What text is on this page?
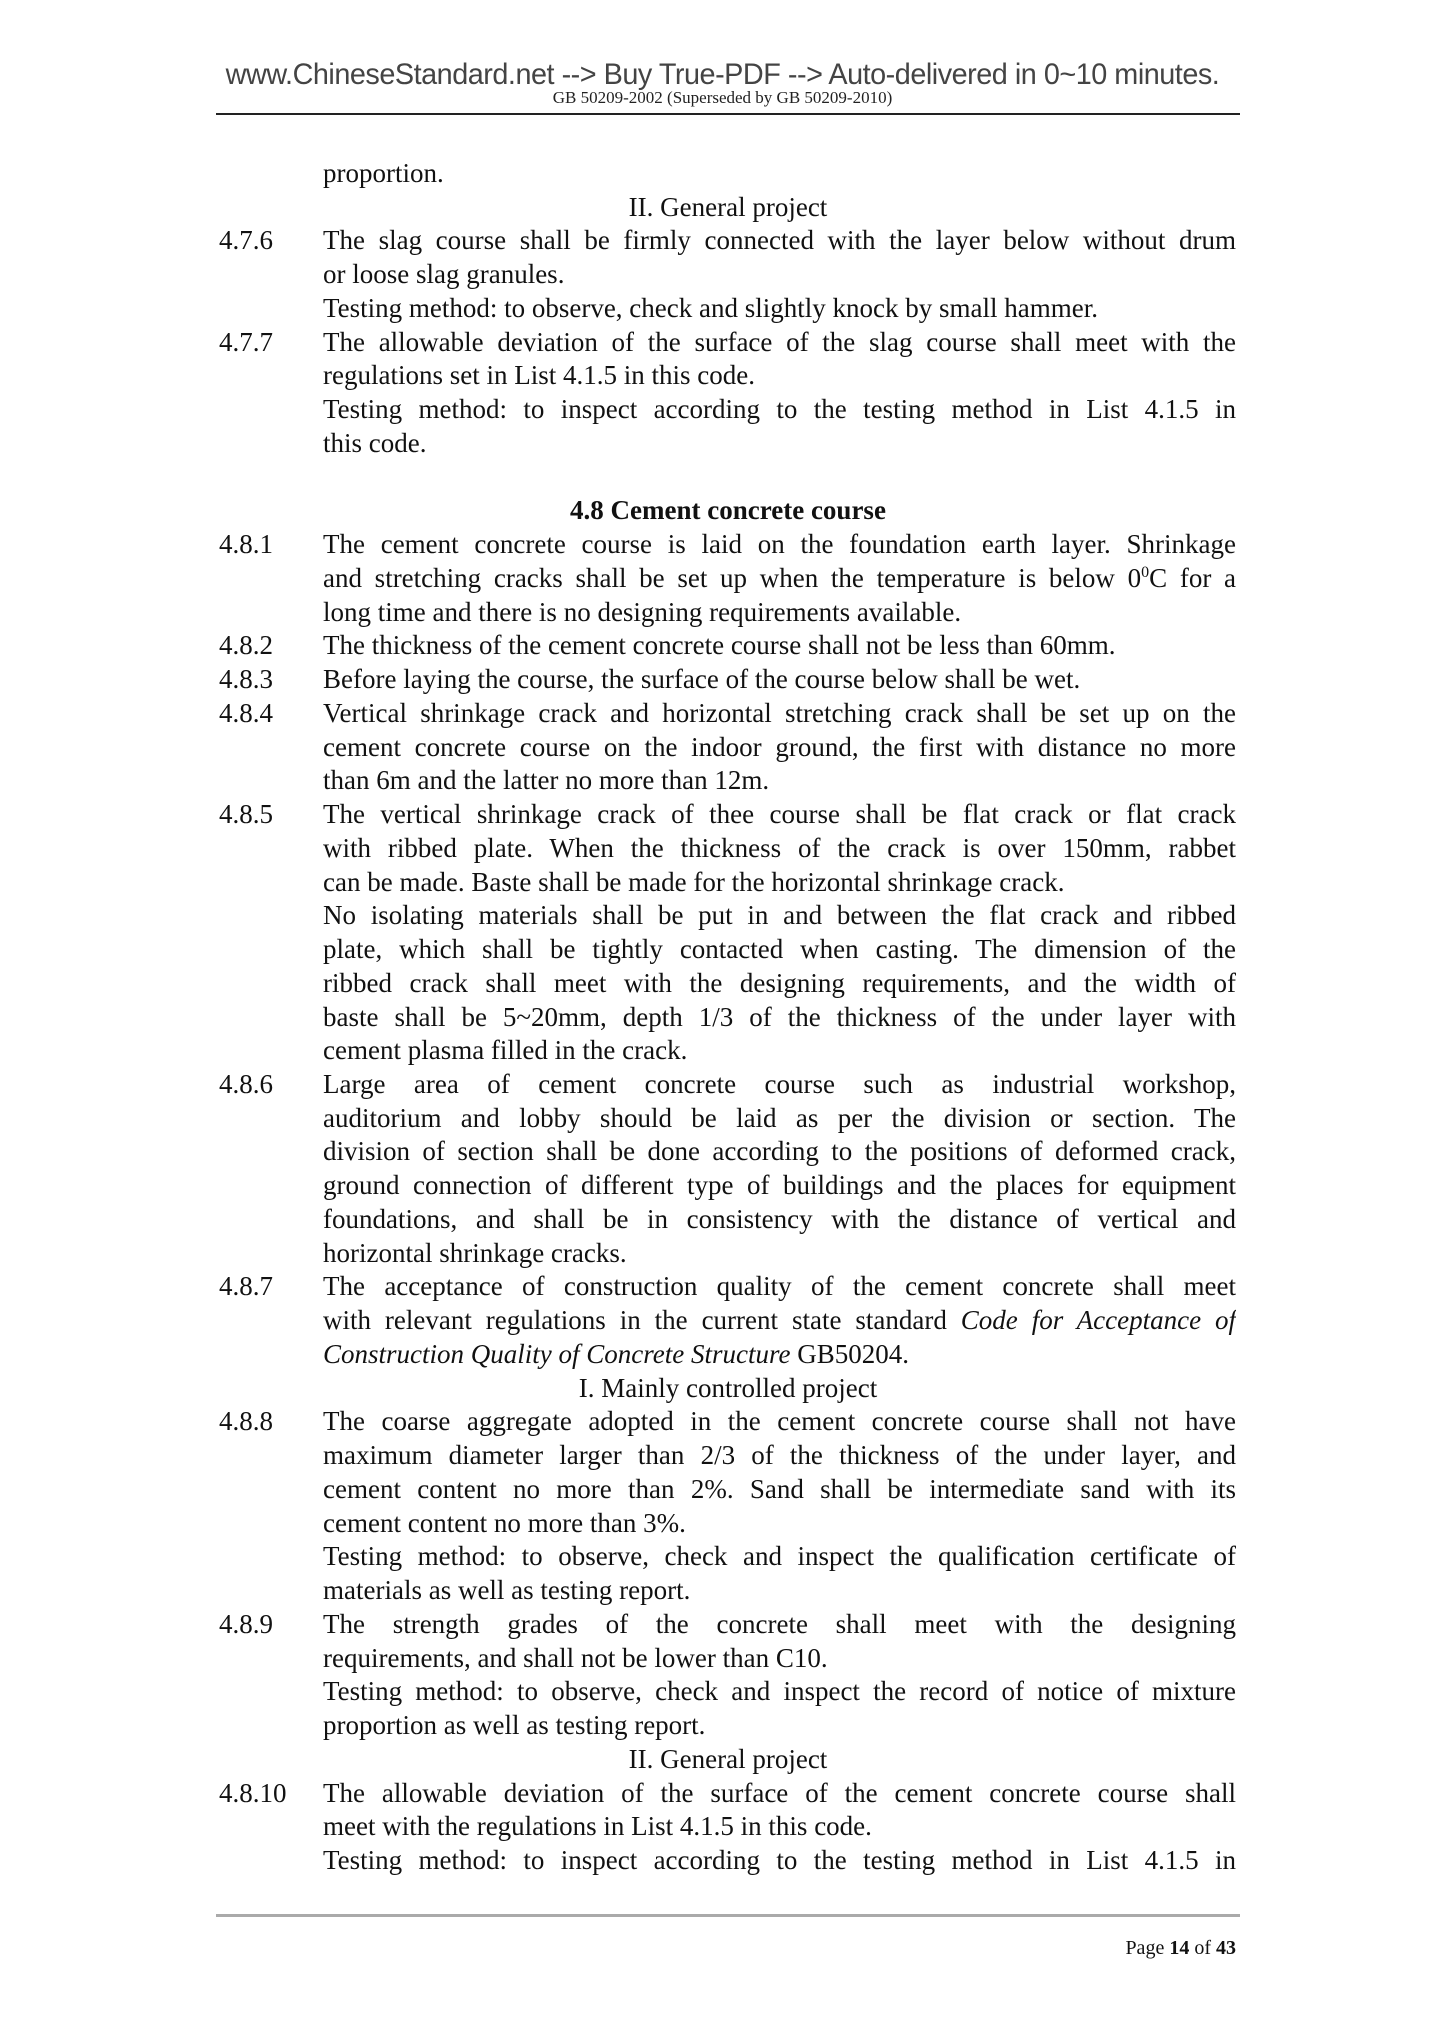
www.ChineseStandard.net --> Buy True-PDF --> Auto-delivered in 0~10 minutes.
GB 50209-2002 (Superseded by GB 50209-2010)
proportion.
II. General project
4.7.6	The slag course shall be firmly connected with the layer below without drum
or loose slag granules.
Testing method: to observe, check and slightly knock by small hammer.
4.7.7	The allowable deviation of the surface of the slag course shall meet with the
regulations set in List 4.1.5 in this code.
Testing method: to inspect according to the testing method in List 4.1.5 in
this code.
4.8 Cement concrete course
4.8.1	The cement concrete course is laid on the foundation earth layer. Shrinkage
and stretching cracks shall be set up when the temperature is below $0^0C$ for a
long time and there is no designing requirements available.
4.8.2	The thickness of the cement concrete course shall not be less than 60mm.
4.8.3	Before laying the course, the surface of the course below shall be wet.
4.8.4	Vertical shrinkage crack and horizontal stretching crack shall be set up on the
cement concrete course on the indoor ground, the first with distance no more
than 6m and the latter no more than 12m.
4.8.5	The vertical shrinkage crack of thee course shall be flat crack or flat crack
with ribbed plate. When the thickness of the crack is over 150mm, rabbet
can be made. Baste shall be made for the horizontal shrinkage crack.
No isolating materials shall be put in and between the flat crack and ribbed
plate, which shall be tightly contacted when casting. The dimension of the
ribbed crack shall meet with the designing requirements, and the width of
baste shall be 5~20mm, depth 1/3 of the thickness of the under layer with
cement plasma filled in the crack.
4.8.6	Large area of cement concrete course such as industrial workshop,
auditorium and lobby should be laid as per the division or section. The
division of section shall be done according to the positions of deformed crack,
ground connection of different type of buildings and the places for equipment
foundations, and shall be in consistency with the distance of vertical and
horizontal shrinkage cracks.
4.8.7	The acceptance of construction quality of the cement concrete shall meet
with relevant regulations in the current state standard Code for Acceptance of
Construction Quality of Concrete Structure GB50204.
I. Mainly controlled project
4.8.8	The coarse aggregate adopted in the cement concrete course shall not have
maximum diameter larger than 2/3 of the thickness of the under layer, and
cement content no more than 2%. Sand shall be intermediate sand with its
cement content no more than 3%.
Testing method: to observe, check and inspect the qualification certificate of
materials as well as testing report.
4.8.9	The strength grades of the concrete shall meet with the designing
requirements, and shall not be lower than C10.
Testing method: to observe, check and inspect the record of notice of mixture
proportion as well as testing report.
II. General project
4.8.10	The allowable deviation of the surface of the cement concrete course shall
meet with the regulations in List 4.1.5 in this code.
Testing method: to inspect according to the testing method in List 4.1.5 in
Page 14 of 43
